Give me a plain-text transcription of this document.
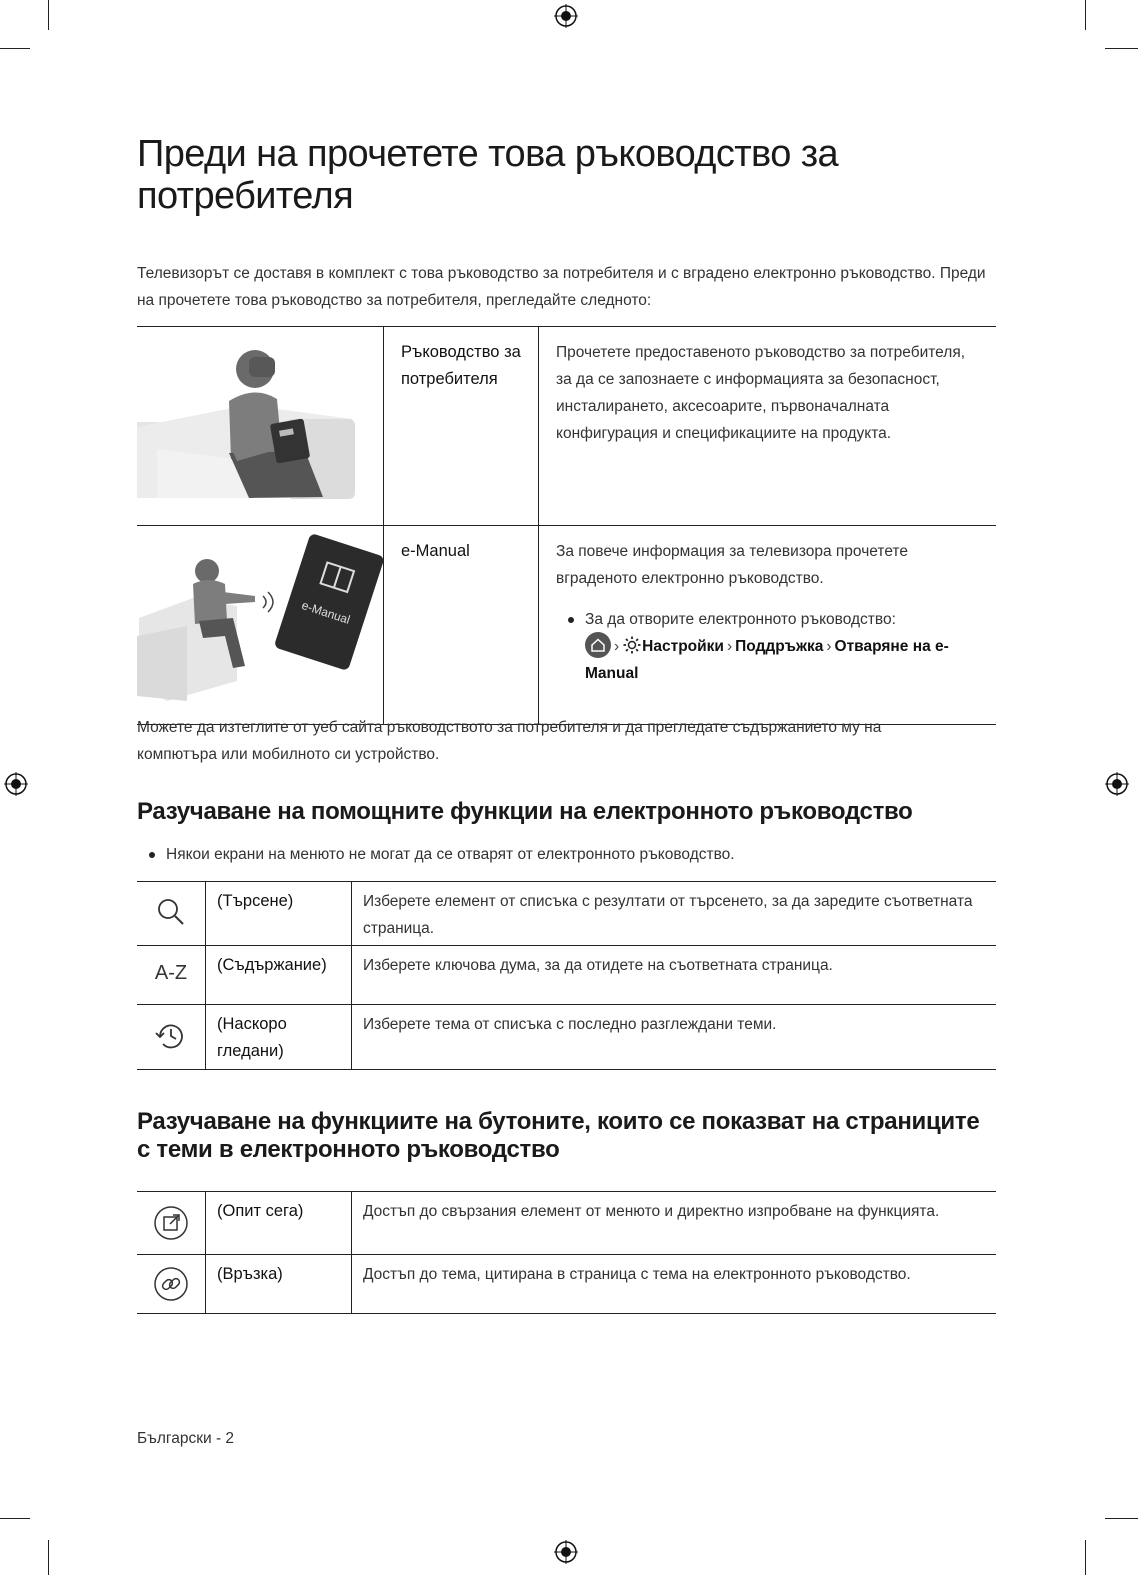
Преди на прочетете това ръководство за потребителя

Телевизорът се доставя в комплект с това ръководство за потребителя и с вградено електронно ръководство. Преди на прочетете това ръководство за потребителя, прегледайте следното:

	Ръководство за потребителя	Прочетете предоставеното ръководство за потребителя, за да се запознаете с информацията за безопасност, инсталирането, аксесоарите, първоначалната конфигурация и спецификациите на продукта.

e-Manual	e-Manual	За повече информация за телевизора прочетете вграденото електронно ръководство.
За да отворите електронното ръководство:
› Настройки › Поддръжка › Отваряне на e-Manual

Можете да изтеглите от уеб сайта ръководството за потребителя и да прегледате съдържанието му на компютъра или мобилното си устройство.

Разучаване на помощните функции на електронното ръководство
Някои екрани на менюто не могат да се отварят от електронното ръководство.
	(Търсене)	Изберете елемент от списъка с резултати от търсенето, за да заредите съответната страница.
A-Z	(Съдържание)	Изберете ключова дума, за да отидете на съответната страница.
	(Наскоро гледани)	Изберете тема от списъка с последно разглеждани теми.
Разучаване на функциите на бутоните, които се показват на страниците с теми в електронното ръководство
	(Опит сега)	Достъп до свързания елемент от менюто и директно изпробване на функцията.
	(Връзка)	Достъп до тема, цитирана в страница с тема на електронното ръководство.
Български - 2
